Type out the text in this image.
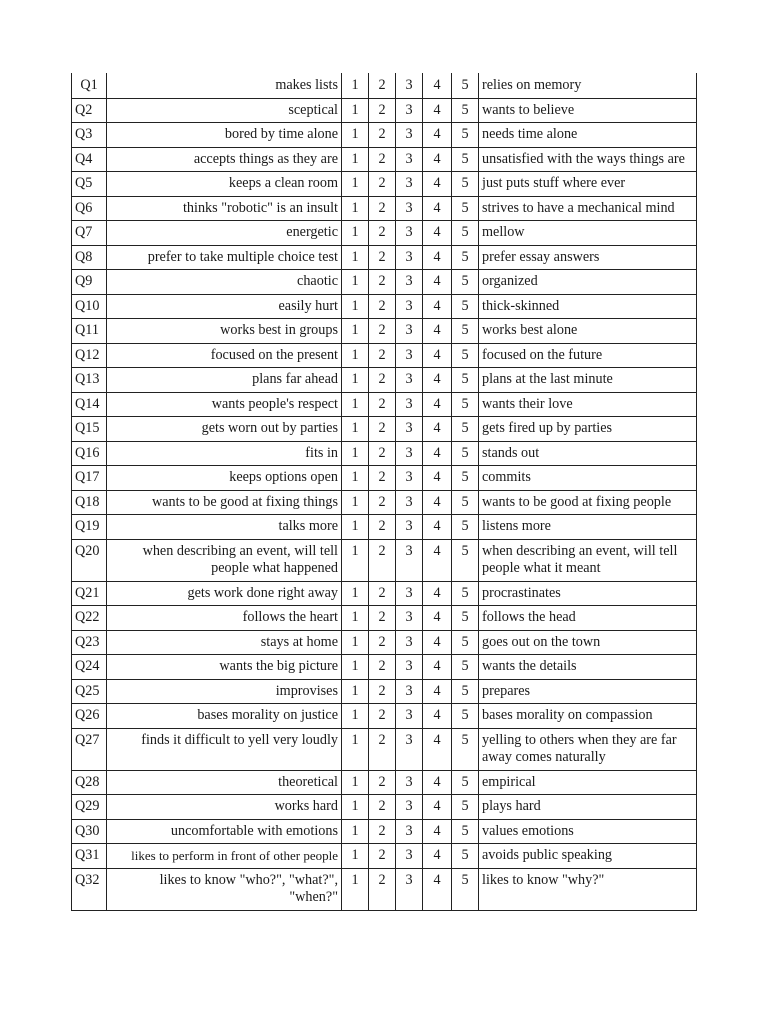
Q1	makes lists	1	2	3	4	5	relies on memory
Q2	sceptical	1	2	3	4	5	wants to believe
Q3	bored by time alone	1	2	3	4	5	needs time alone
Q4	accepts things as they are	1	2	3	4	5	unsatisfied with the ways things are
Q5	keeps a clean room	1	2	3	4	5	just puts stuff where ever
Q6	thinks "robotic" is an insult	1	2	3	4	5	strives to have a mechanical mind
Q7	energetic	1	2	3	4	5	mellow
Q8	prefer to take multiple choice test	1	2	3	4	5	prefer essay answers
Q9	chaotic	1	2	3	4	5	organized
Q10	easily hurt	1	2	3	4	5	thick-skinned
Q11	works best in groups	1	2	3	4	5	works best alone
Q12	focused on the present	1	2	3	4	5	focused on the future
Q13	plans far ahead	1	2	3	4	5	plans at the last minute
Q14	wants people's respect	1	2	3	4	5	wants their love
Q15	gets worn out by parties	1	2	3	4	5	gets fired up by parties
Q16	fits in	1	2	3	4	5	stands out
Q17	keeps options open	1	2	3	4	5	commits
Q18	wants to be good at fixing things	1	2	3	4	5	wants to be good at fixing people
Q19	talks more	1	2	3	4	5	listens more
Q20	when describing an event, will tell people what happened	1	2	3	4	5	when describing an event, will tell people what it meant
Q21	gets work done right away	1	2	3	4	5	procrastinates
Q22	follows the heart	1	2	3	4	5	follows the head
Q23	stays at home	1	2	3	4	5	goes out on the town
Q24	wants the big picture	1	2	3	4	5	wants the details
Q25	improvises	1	2	3	4	5	prepares
Q26	bases morality on justice	1	2	3	4	5	bases morality on compassion
Q27	finds it difficult to yell very loudly	1	2	3	4	5	yelling to others when they are far away comes naturally
Q28	theoretical	1	2	3	4	5	empirical
Q29	works hard	1	2	3	4	5	plays hard
Q30	uncomfortable with emotions	1	2	3	4	5	values emotions
Q31	likes to perform in front of other people	1	2	3	4	5	avoids public speaking
Q32	likes to know "who?", "what?", "when?"	1	2	3	4	5	likes to know "why?"
